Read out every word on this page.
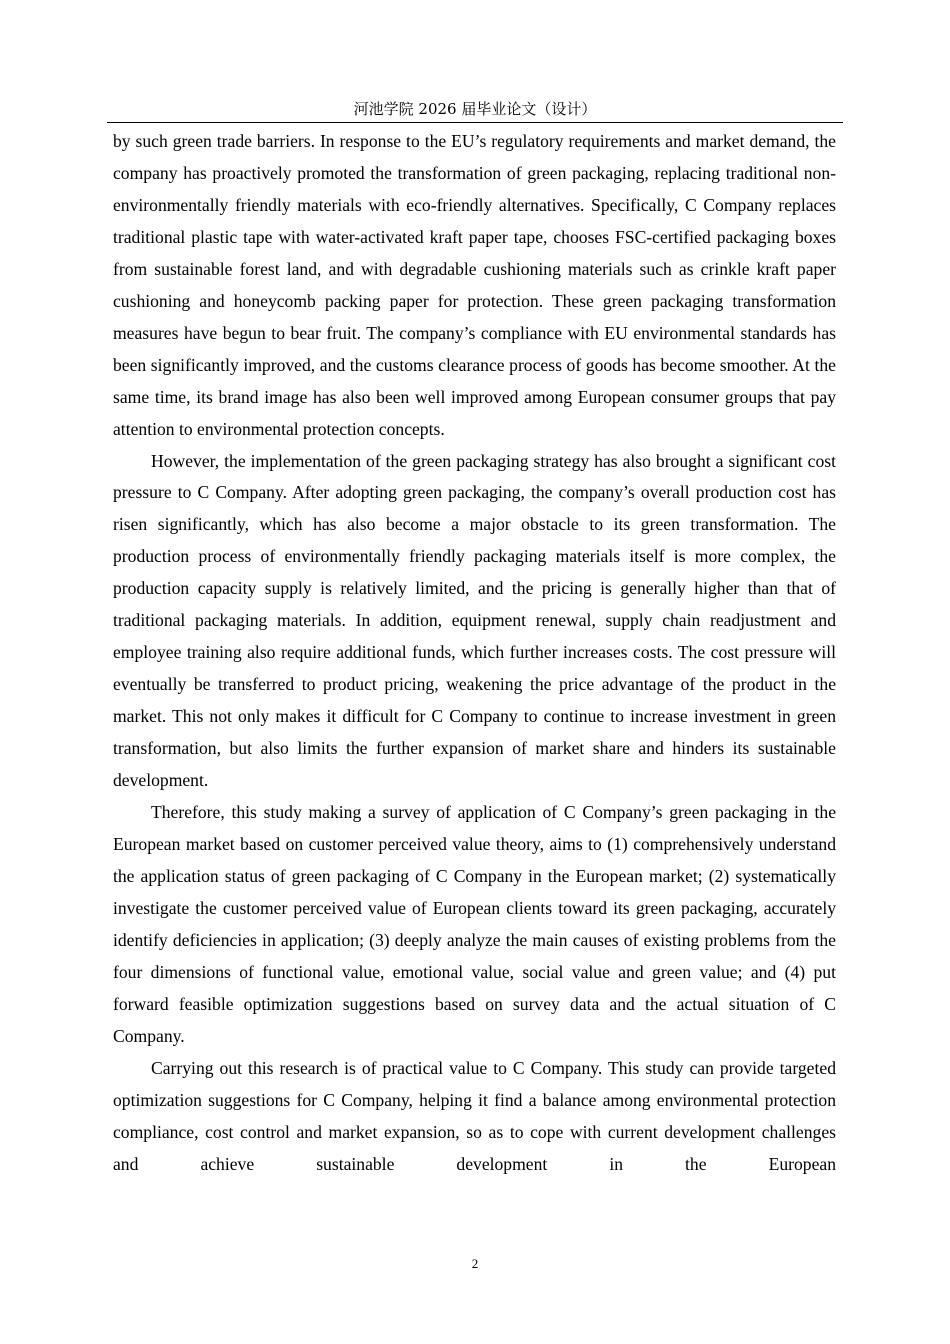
河池学院 2026 届毕业论文（设计）

by such green trade barriers. In response to the EU’s regulatory requirements and market demand, the company has proactively promoted the transformation of green packaging, replacing traditional non-environmentally friendly materials with eco-friendly alternatives. Specifically, C Company replaces traditional plastic tape with water-activated kraft paper tape, chooses FSC-certified packaging boxes from sustainable forest land, and with degradable cushioning materials such as crinkle kraft paper cushioning and honeycomb packing paper for protection. These green packaging transformation measures have begun to bear fruit. The company’s compliance with EU environmental standards has been significantly improved, and the customs clearance process of goods has become smoother. At the same time, its brand image has also been well improved among European consumer groups that pay attention to environmental protection concepts.

However, the implementation of the green packaging strategy has also brought a significant cost pressure to C Company. After adopting green packaging, the company’s overall production cost has risen significantly, which has also become a major obstacle to its green transformation. The production process of environmentally friendly packaging materials itself is more complex, the production capacity supply is relatively limited, and the pricing is generally higher than that of traditional packaging materials. In addition, equipment renewal, supply chain readjustment and employee training also require additional funds, which further increases costs. The cost pressure will eventually be transferred to product pricing, weakening the price advantage of the product in the market. This not only makes it difficult for C Company to continue to increase investment in green transformation, but also limits the further expansion of market share and hinders its sustainable development.

Therefore, this study making a survey of application of C Company’s green packaging in the European market based on customer perceived value theory, aims to (1) comprehensively understand the application status of green packaging of C Company in the European market; (2) systematically investigate the customer perceived value of European clients toward its green packaging, accurately identify deficiencies in application; (3) deeply analyze the main causes of existing problems from the four dimensions of functional value, emotional value, social value and green value; and (4) put forward feasible optimization suggestions based on survey data and the actual situation of C Company.

Carrying out this research is of practical value to C Company. This study can provide targeted optimization suggestions for C Company, helping it find a balance among environmental protection compliance, cost control and market expansion, so as to cope with current development challenges and achieve sustainable development in the European

2
